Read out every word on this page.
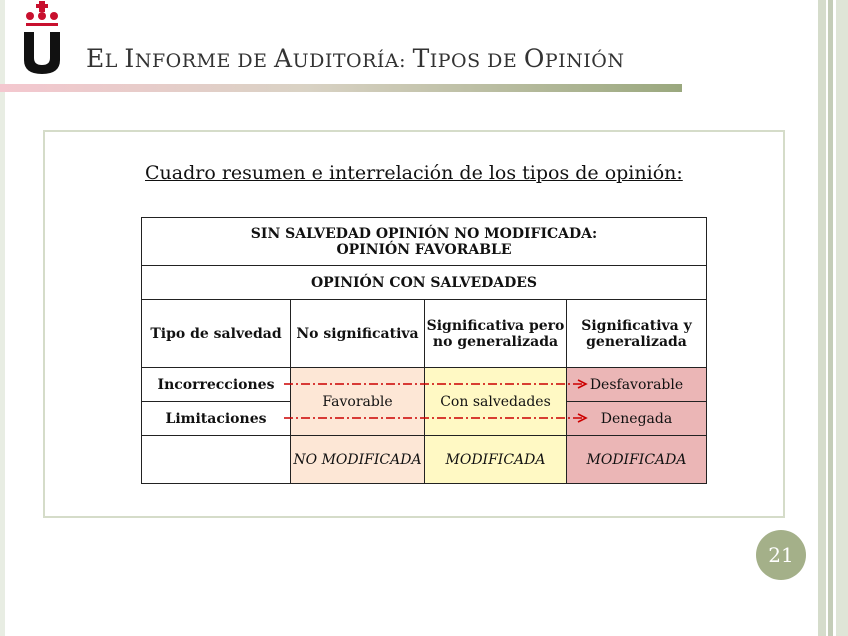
EL INFORME DE AUDITORÍA: TIPOS DE OPINIÓN
Cuadro resumen e interrelación de los tipos de opinión:
SIN SALVEDAD OPINIÓN NO MODIFICADA:
OPINIÓN FAVORABLE			

OPINIÓN CON SALVEDADES			
Tipo de salvedad	No significativa	Significativa pero no generalizada	Significativa y generalizada
Incorrecciones	Favorable	Con salvedades	Desfavorable
Limitaciones			Denegada
	NO MODIFICADA	MODIFICADA	MODIFICADA
21
